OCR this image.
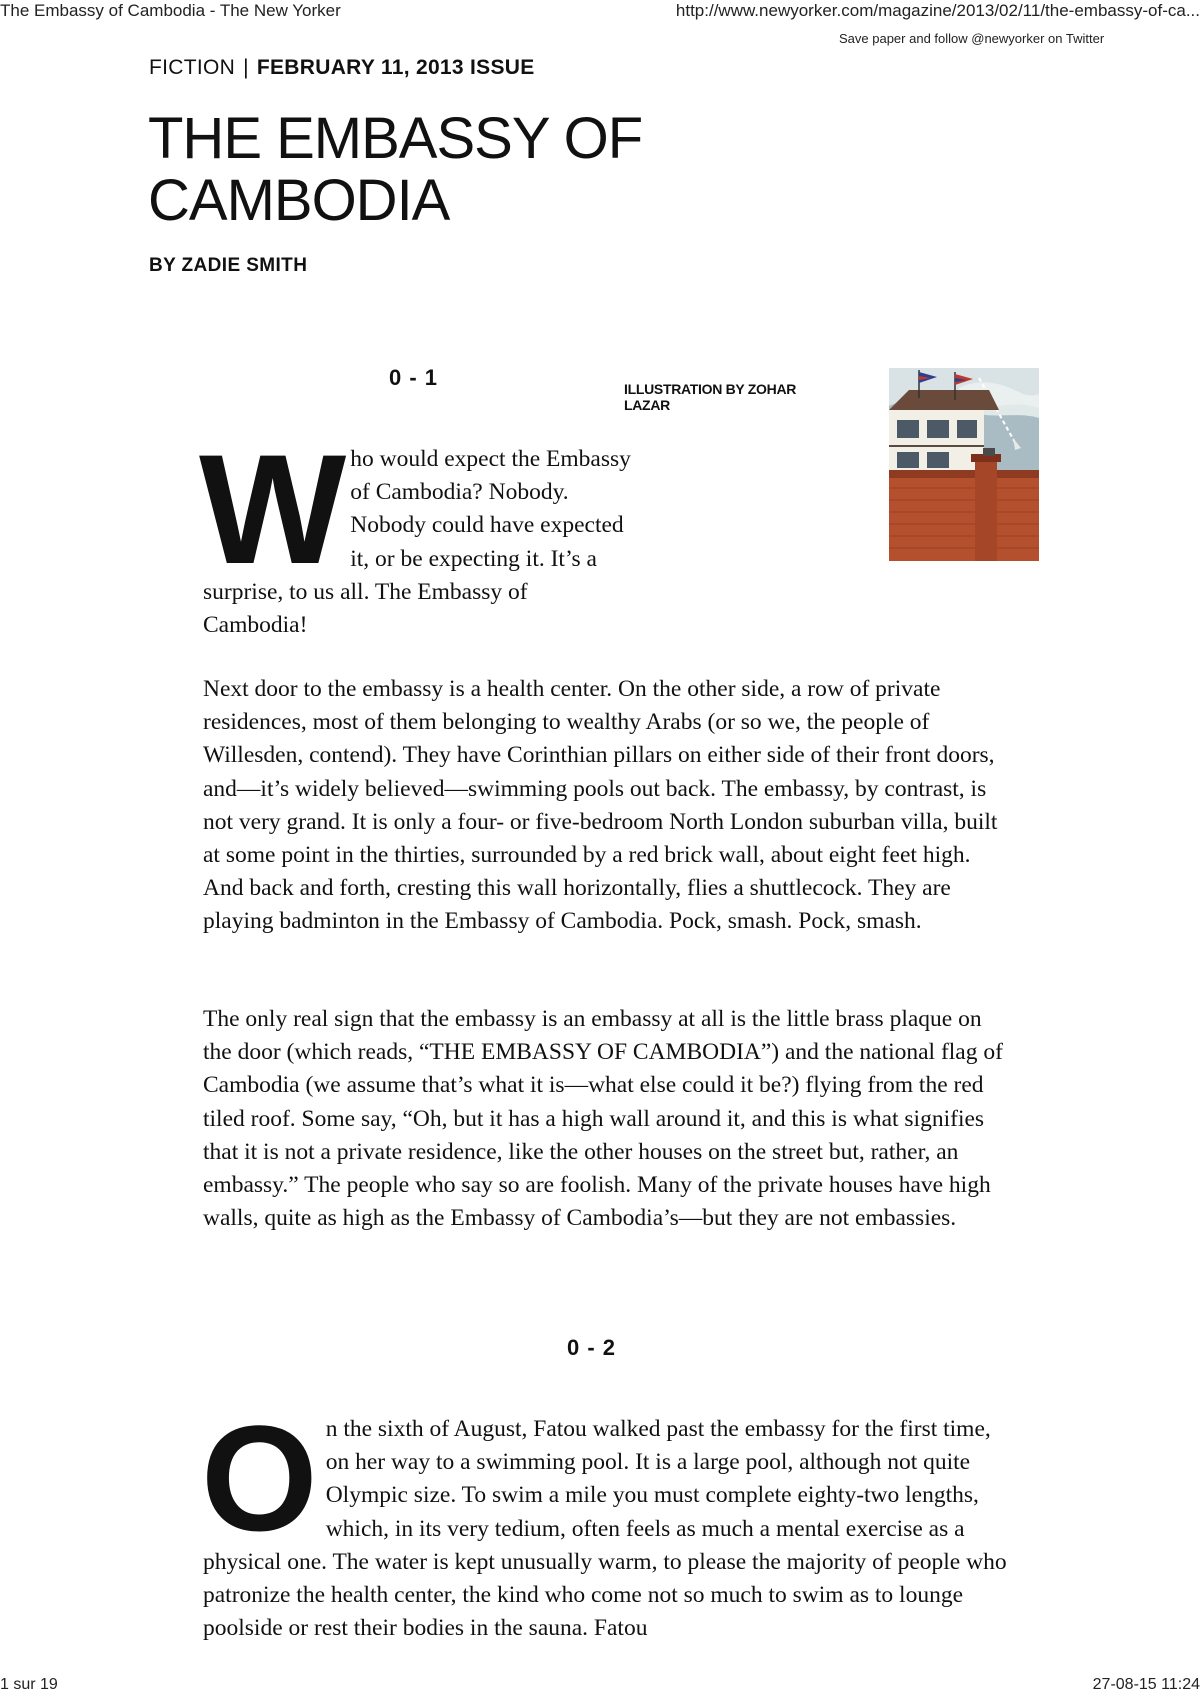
The Embassy of Cambodia - The New Yorker	http://www.newyorker.com/magazine/2013/02/11/the-embassy-of-ca...
Save paper and follow @newyorker on Twitter
FICTION | FEBRUARY 11, 2013 ISSUE
THE EMBASSY OF CAMBODIA
BY ZADIE SMITH
0 - 1	ILLUSTRATION BY ZOHAR LAZAR
W ho would expect the Embassy of Cambodia? Nobody. Nobody could have expected it, or be expecting it. It’s a surprise, to us all. The Embassy of Cambodia!

Next door to the embassy is a health center. On the other side, a row of private residences, most of them belonging to wealthy Arabs (or so we, the people of Willesden, contend). They have Corinthian pillars on either side of their front doors, and—it’s widely believed—swimming pools out back. The embassy, by contrast, is not very grand. It is only a four- or five-bedroom North London suburban villa, built at some point in the thirties, surrounded by a red brick wall, about eight feet high. And back and forth, cresting this wall horizontally, flies a shuttlecock. They are playing badminton in the Embassy of Cambodia. Pock, smash. Pock, smash.

The only real sign that the embassy is an embassy at all is the little brass plaque on the door (which reads, “THE EMBASSY OF CAMBODIA”) and the national flag of Cambodia (we assume that’s what it is—what else could it be?) flying from the red tiled roof. Some say, “Oh, but it has a high wall around it, and this is what signifies that it is not a private residence, like the other houses on the street but, rather, an embassy.” The people who say so are foolish. Many of the private houses have high walls, quite as high as the Embassy of Cambodia’s—but they are not embassies.

0 - 2
O n the sixth of August, Fatou walked past the embassy for the first time, on her way to a swimming pool. It is a large pool, although not quite Olympic size. To swim a mile you must complete eighty-two lengths, which, in its very tedium, often feels as much a mental exercise as a physical one. The water is kept unusually warm, to please the majority of people who patronize the health center, the kind who come not so much to swim as to lounge poolside or rest their bodies in the sauna. Fatou
1 sur 19	27-08-15 11:24
